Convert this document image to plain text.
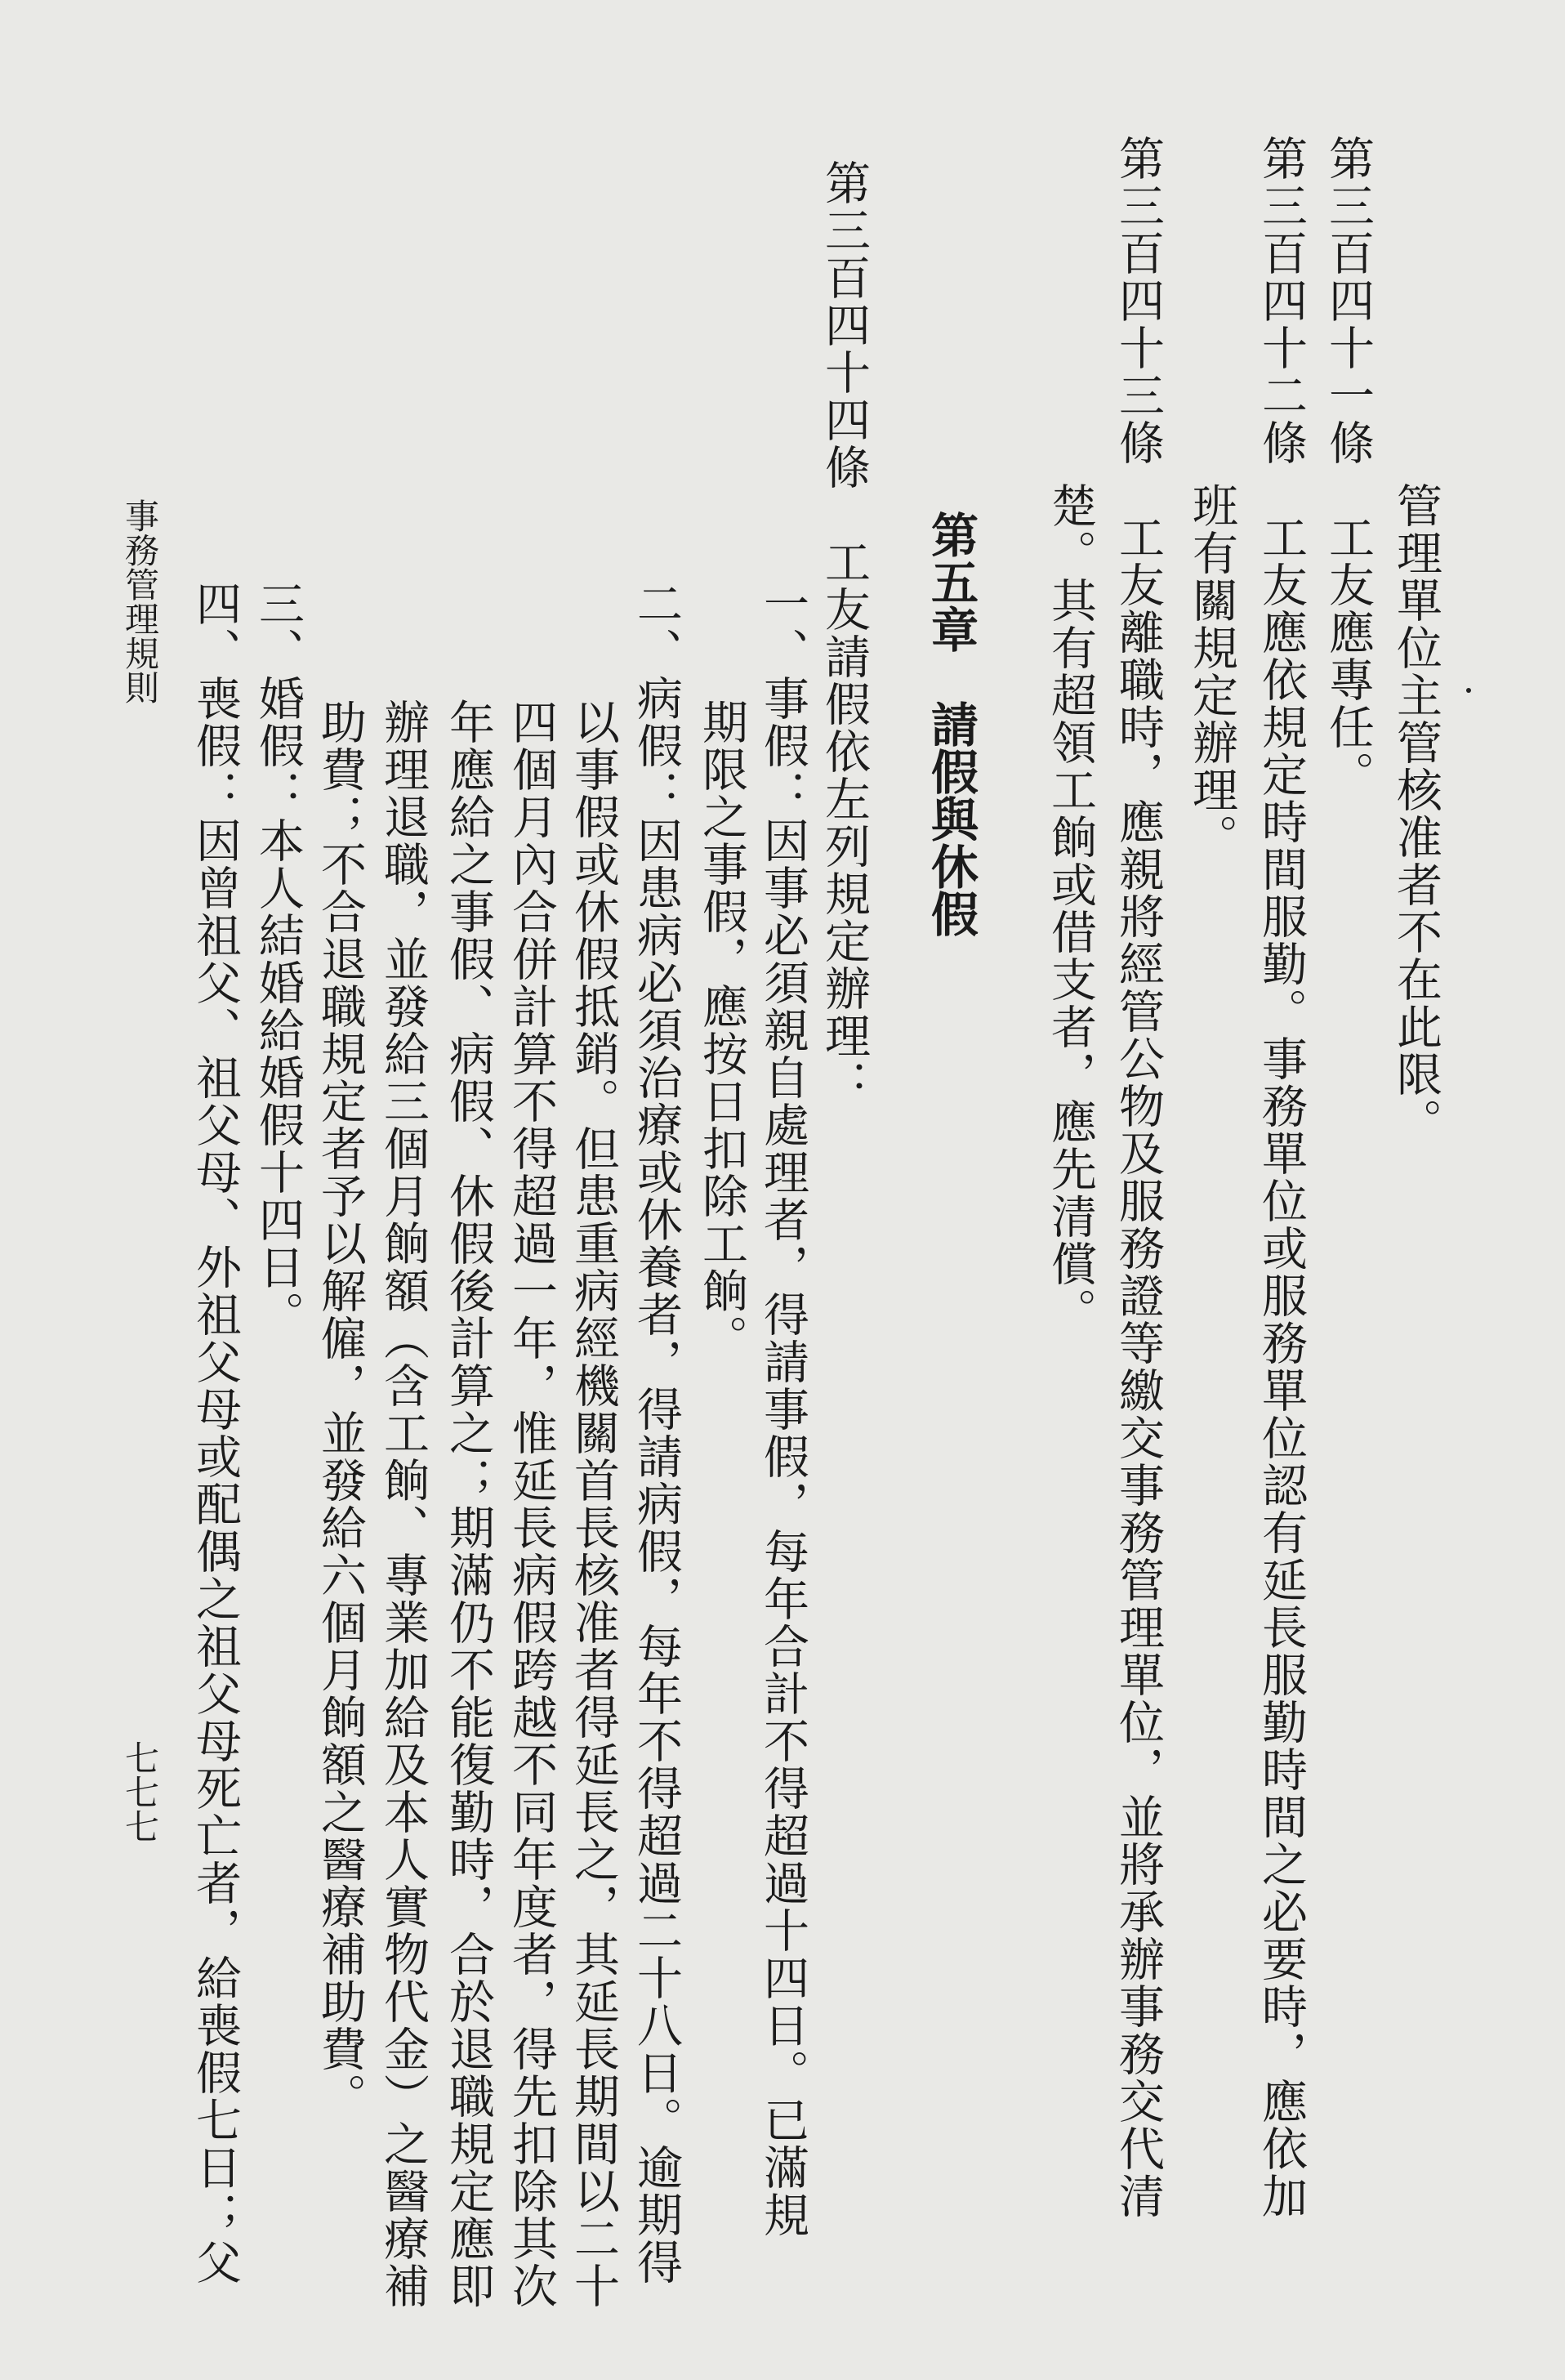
管理單位主管核准者不在此限。
第三百四十一條　工友應專任。
第三百四十二條　工友應依規定時間服勤。事務單位或服務單位認有延長服勤時間之必要時，應依加
班有關規定辦理。
第三百四十三條　工友離職時，應親將經管公物及服務證等繳交事務管理單位，並將承辦事務交代清
楚。其有超領工餉或借支者，應先清償。
第五章　請假與休假
第三百四十四條　工友請假依左列規定辦理：
一、事假：因事必須親自處理者，得請事假，每年合計不得超過十四日。已滿規
期限之事假，應按日扣除工餉。
二、病假：因患病必須治療或休養者，得請病假，每年不得超過二十八日。逾期得
以事假或休假抵銷。但患重病經機關首長核准者得延長之，其延長期間以二十
四個月內合併計算不得超過一年，惟延長病假跨越不同年度者，得先扣除其次
年應給之事假、病假、休假後計算之；期滿仍不能復勤時，合於退職規定應即
辦理退職，並發給三個月餉額（含工餉、專業加給及本人實物代金）之醫療補
助費；不合退職規定者予以解僱，並發給六個月餉額之醫療補助費。
三、婚假：本人結婚給婚假十四日。
四、喪假：因曾祖父、祖父母、外祖父母或配偶之祖父母死亡者，給喪假七日；父
事務管理規則
七七七
